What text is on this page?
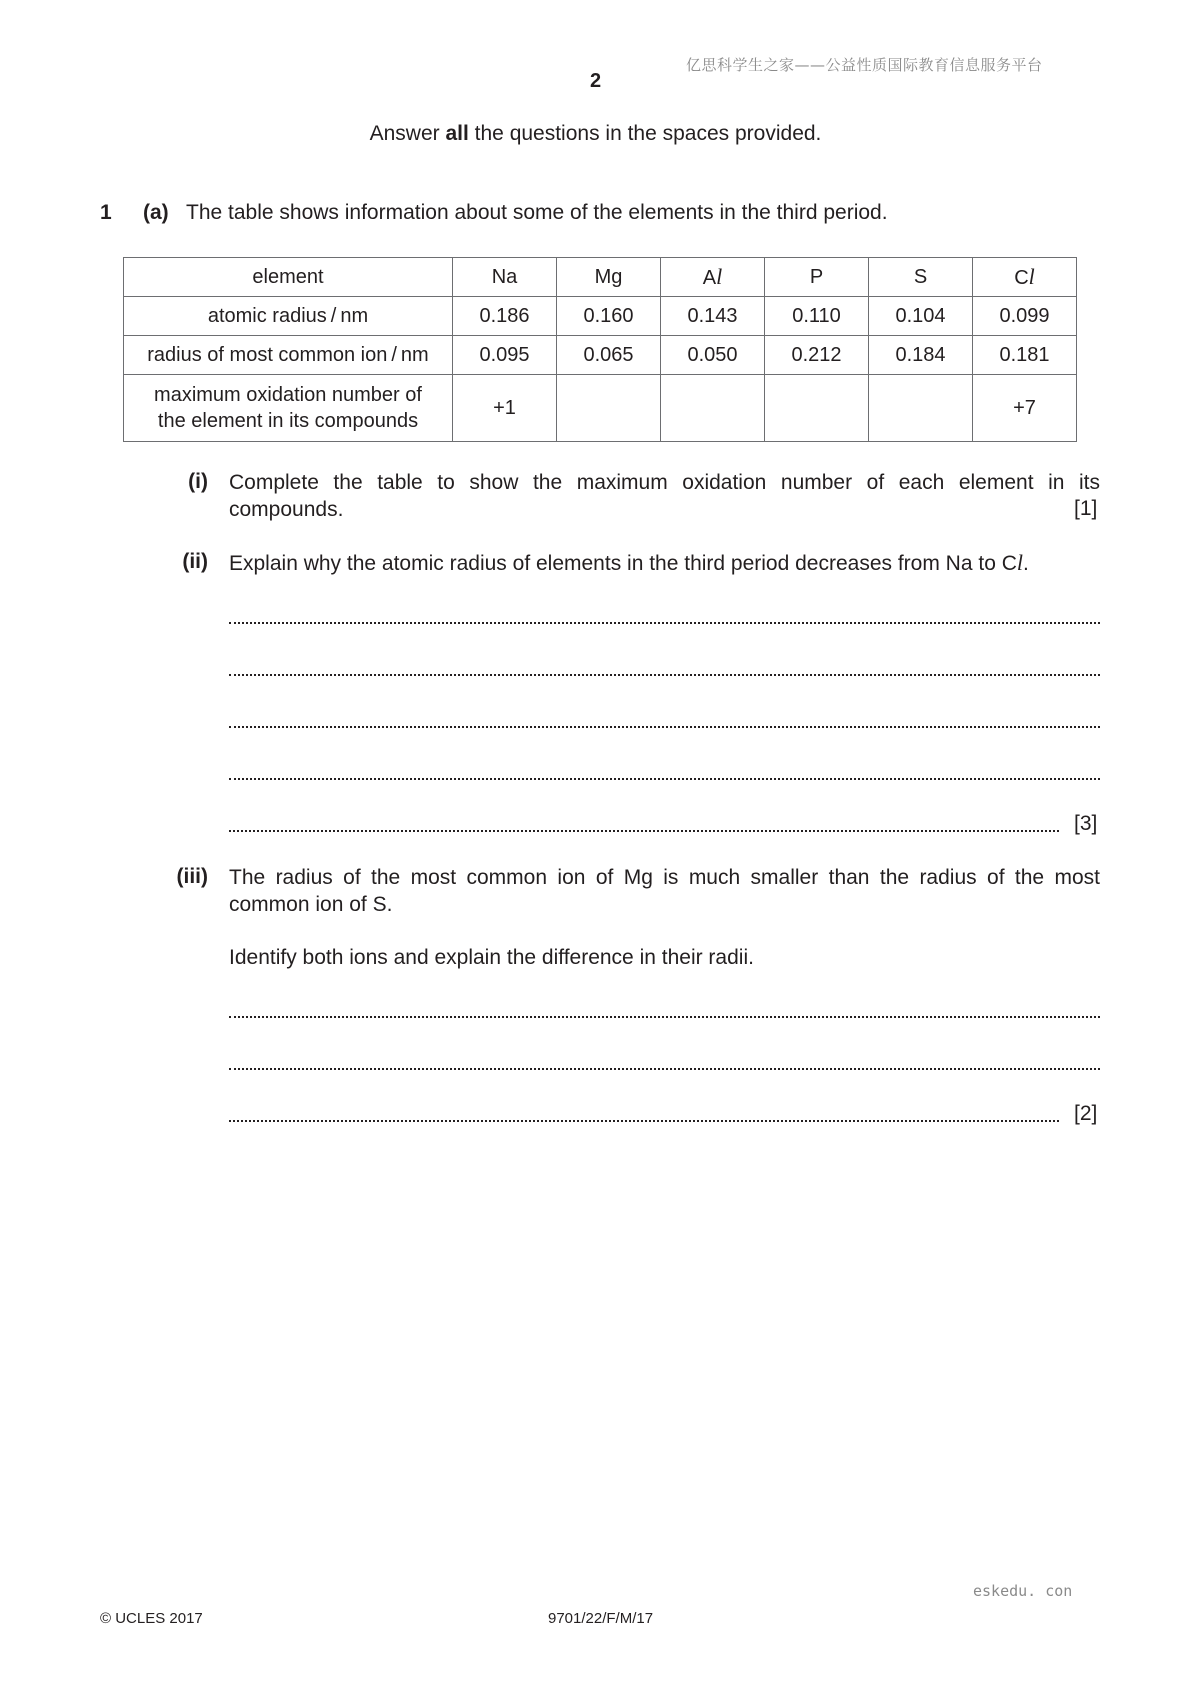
亿思科学生之家——公益性质国际教育信息服务平台
2
Answer all the questions in the spaces provided.
1 (a) The table shows information about some of the elements in the third period.
element	Na	Mg	Al	P	S	Cl
atomic radius / nm	0.186	0.160	0.143	0.110	0.104	0.099
radius of most common ion / nm	0.095	0.065	0.050	0.212	0.184	0.181
maximum oxidation number of
the element in its compounds	+1					+7
(i) Complete the table to show the maximum oxidation number of each element in its
compounds.	[1]
(ii) Explain why the atomic radius of elements in the third period decreases from Na to Cl.
[3]
(iii) The radius of the most common ion of Mg is much smaller than the radius of the most
common ion of S.
Identify both ions and explain the difference in their radii.
[2]
eskedu. con
© UCLES 2017	9701/22/F/M/17
